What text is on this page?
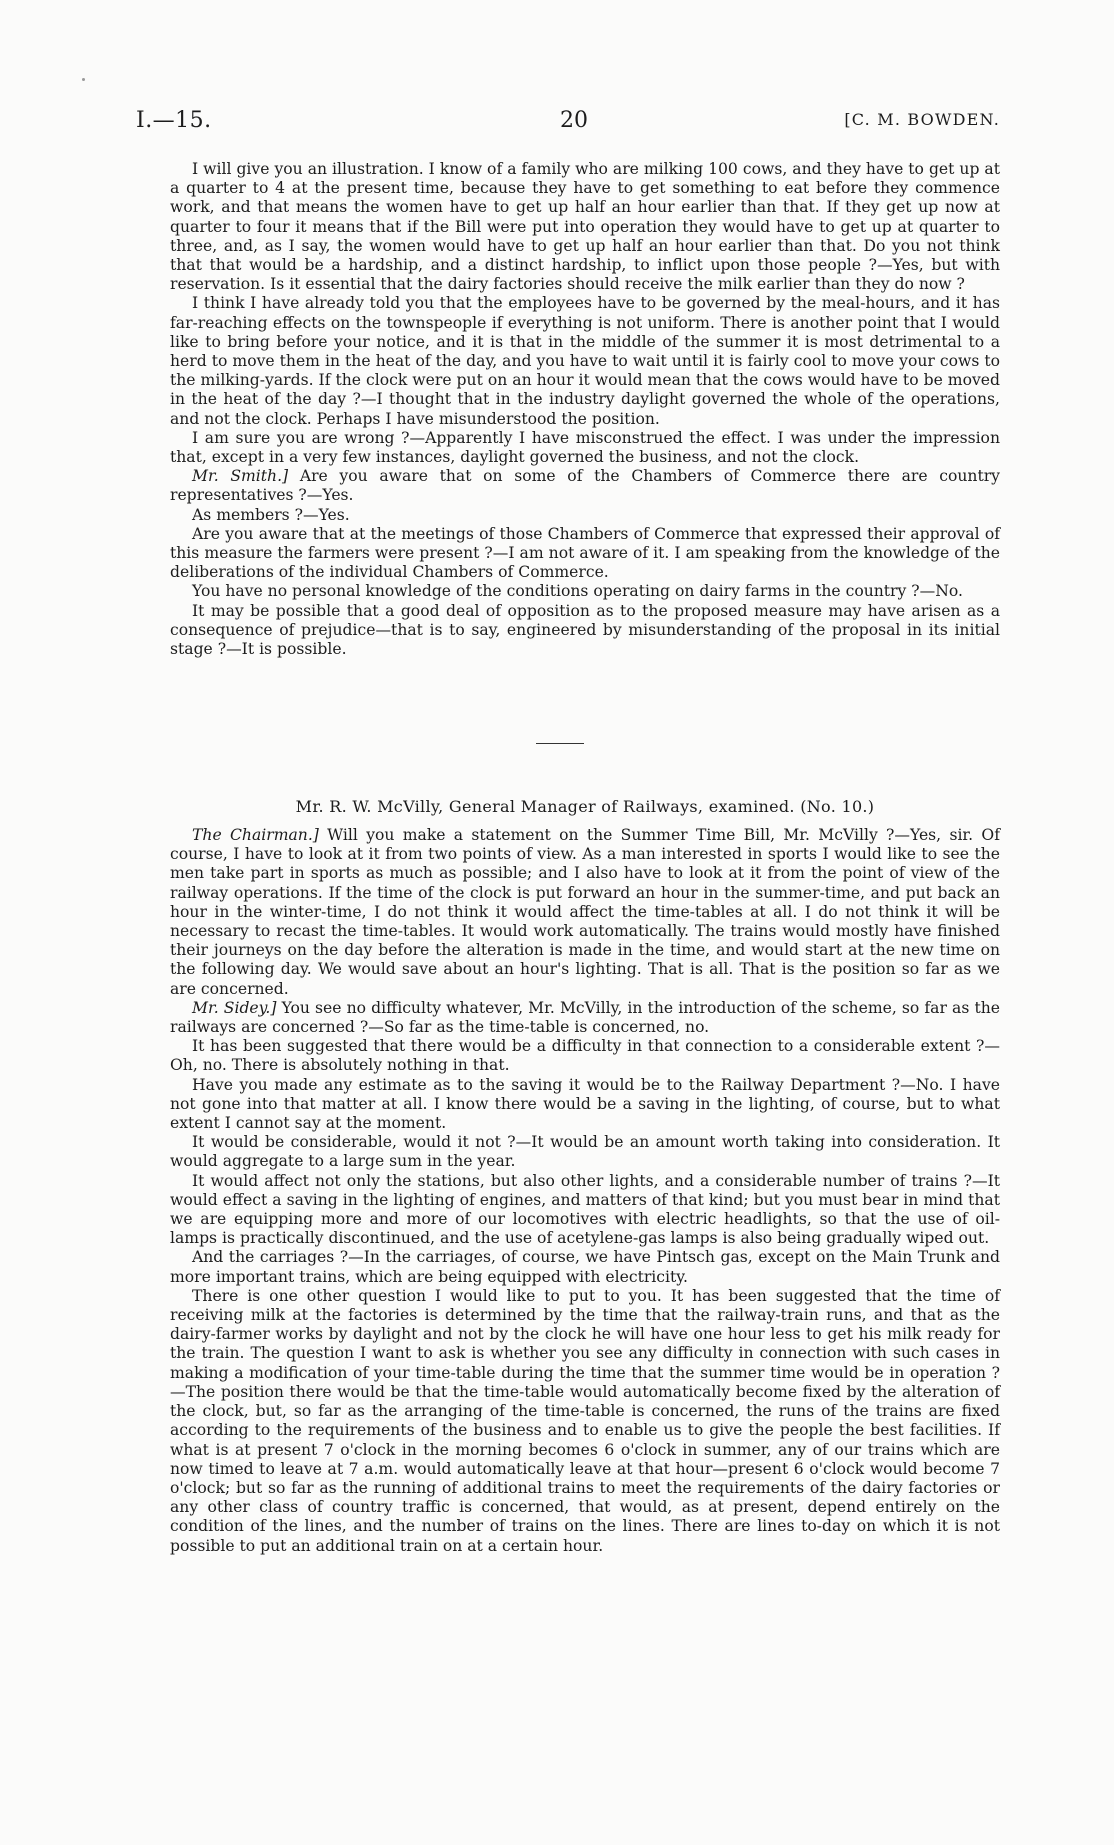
I.—15.	20	[C. M. BOWDEN.

I will give you an illustration. I know of a family who are milking 100 cows, and they have to get up at a quarter to 4 at the present time, because they have to get something to eat before they commence work, and that means the women have to get up half an hour earlier than that. If they get up now at quarter to four it means that if the Bill were put into operation they would have to get up at quarter to three, and, as I say, the women would have to get up half an hour earlier than that. Do you not think that that would be a hardship, and a distinct hardship, to inflict upon those people ?—Yes, but with reservation. Is it essential that the dairy factories should receive the milk earlier than they do now ?

I think I have already told you that the employees have to be governed by the meal-hours, and it has far-reaching effects on the townspeople if everything is not uniform. There is another point that I would like to bring before your notice, and it is that in the middle of the summer it is most detrimental to a herd to move them in the heat of the day, and you have to wait until it is fairly cool to move your cows to the milking-yards. If the clock were put on an hour it would mean that the cows would have to be moved in the heat of the day ?—I thought that in the industry daylight governed the whole of the operations, and not the clock. Perhaps I have misunderstood the position.

I am sure you are wrong ?—Apparently I have misconstrued the effect. I was under the impression that, except in a very few instances, daylight governed the business, and not the clock.

Mr. Smith.] Are you aware that on some of the Chambers of Commerce there are country representatives ?—Yes.

As members ?—Yes.

Are you aware that at the meetings of those Chambers of Commerce that expressed their approval of this measure the farmers were present ?—I am not aware of it. I am speaking from the knowledge of the deliberations of the individual Chambers of Commerce.

You have no personal knowledge of the conditions operating on dairy farms in the country ?—No.

It may be possible that a good deal of opposition as to the proposed measure may have arisen as a consequence of prejudice—that is to say, engineered by misunderstanding of the proposal in its initial stage ?—It is possible.

Mr. R. W. McVilly, General Manager of Railways, examined. (No. 10.)

The Chairman.] Will you make a statement on the Summer Time Bill, Mr. McVilly ?—Yes, sir. Of course, I have to look at it from two points of view. As a man interested in sports I would like to see the men take part in sports as much as possible; and I also have to look at it from the point of view of the railway operations. If the time of the clock is put forward an hour in the summer-time, and put back an hour in the winter-time, I do not think it would affect the time-tables at all. I do not think it will be necessary to recast the time-tables. It would work automatically. The trains would mostly have finished their journeys on the day before the alteration is made in the time, and would start at the new time on the following day. We would save about an hour's lighting. That is all. That is the position so far as we are concerned.

Mr. Sidey.] You see no difficulty whatever, Mr. McVilly, in the introduction of the scheme, so far as the railways are concerned ?—So far as the time-table is concerned, no.

It has been suggested that there would be a difficulty in that connection to a considerable extent ?—Oh, no. There is absolutely nothing in that.

Have you made any estimate as to the saving it would be to the Railway Department ?—No. I have not gone into that matter at all. I know there would be a saving in the lighting, of course, but to what extent I cannot say at the moment.

It would be considerable, would it not ?—It would be an amount worth taking into consideration. It would aggregate to a large sum in the year.

It would affect not only the stations, but also other lights, and a considerable number of trains ?—It would effect a saving in the lighting of engines, and matters of that kind; but you must bear in mind that we are equipping more and more of our locomotives with electric headlights, so that the use of oil-lamps is practically discontinued, and the use of acetylene-gas lamps is also being gradually wiped out.

And the carriages ?—In the carriages, of course, we have Pintsch gas, except on the Main Trunk and more important trains, which are being equipped with electricity.

There is one other question I would like to put to you. It has been suggested that the time of receiving milk at the factories is determined by the time that the railway-train runs, and that as the dairy-farmer works by daylight and not by the clock he will have one hour less to get his milk ready for the train. The question I want to ask is whether you see any difficulty in connection with such cases in making a modification of your time-table during the time that the summer time would be in operation ?—The position there would be that the time-table would automatically become fixed by the alteration of the clock, but, so far as the arranging of the time-table is concerned, the runs of the trains are fixed according to the requirements of the business and to enable us to give the people the best facilities. If what is at present 7 o'clock in the morning becomes 6 o'clock in summer, any of our trains which are now timed to leave at 7 a.m. would automatically leave at that hour—present 6 o'clock would become 7 o'clock; but so far as the running of additional trains to meet the requirements of the dairy factories or any other class of country traffic is concerned, that would, as at present, depend entirely on the condition of the lines, and the number of trains on the lines. There are lines to-day on which it is not possible to put an additional train on at a certain hour.
